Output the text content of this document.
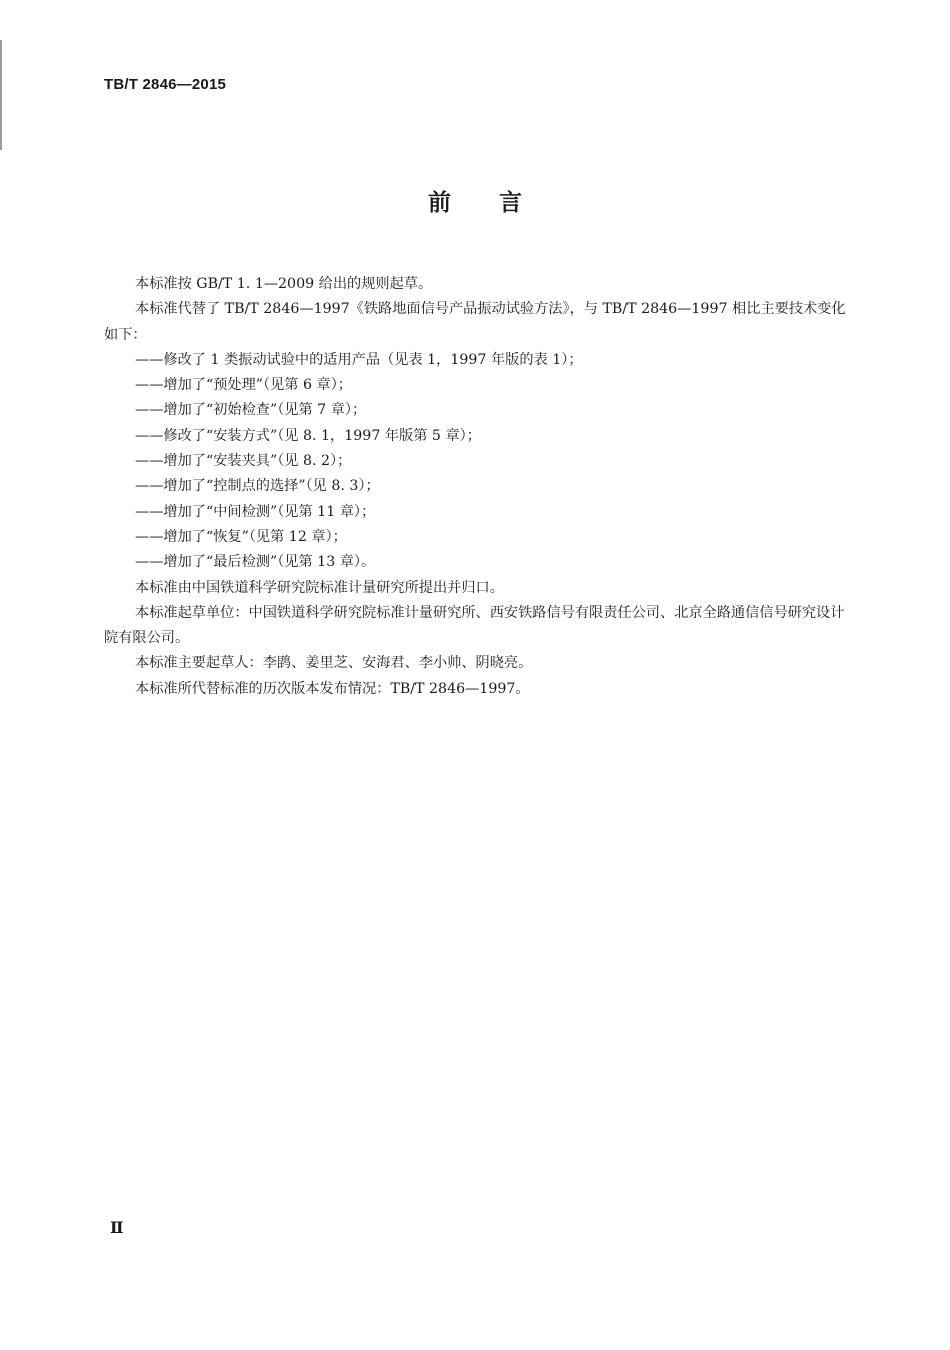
TB/T 2846—2015
前 言

本标准按 GB/T 1. 1—2009 给出的规则起草。

本标准代替了 TB/T 2846—1997《铁路地面信号产品振动试验方法》，与 TB/T 2846—1997 相比主要技术变化如下：

——修改了 1 类振动试验中的适用产品（见表 1，1997 年版的表 1）；

——增加了“预处理”（见第 6 章）；

——增加了“初始检查”（见第 7 章）；

——修改了“安装方式”（见 8. 1，1997 年版第 5 章）；

——增加了“安装夹具”（见 8. 2）；

——增加了“控制点的选择”（见 8. 3）；

——增加了“中间检测”（见第 11 章）；

——增加了“恢复”（见第 12 章）；

——增加了“最后检测”（见第 13 章）。

本标准由中国铁道科学研究院标准计量研究所提出并归口。

本标准起草单位：中国铁道科学研究院标准计量研究所、西安铁路信号有限责任公司、北京全路通信信号研究设计院有限公司。

本标准主要起草人：李鹍、姜里芝、安海君、李小帅、阴晓亮。

本标准所代替标准的历次版本发布情况：TB/T 2846—1997。

Ⅱ
